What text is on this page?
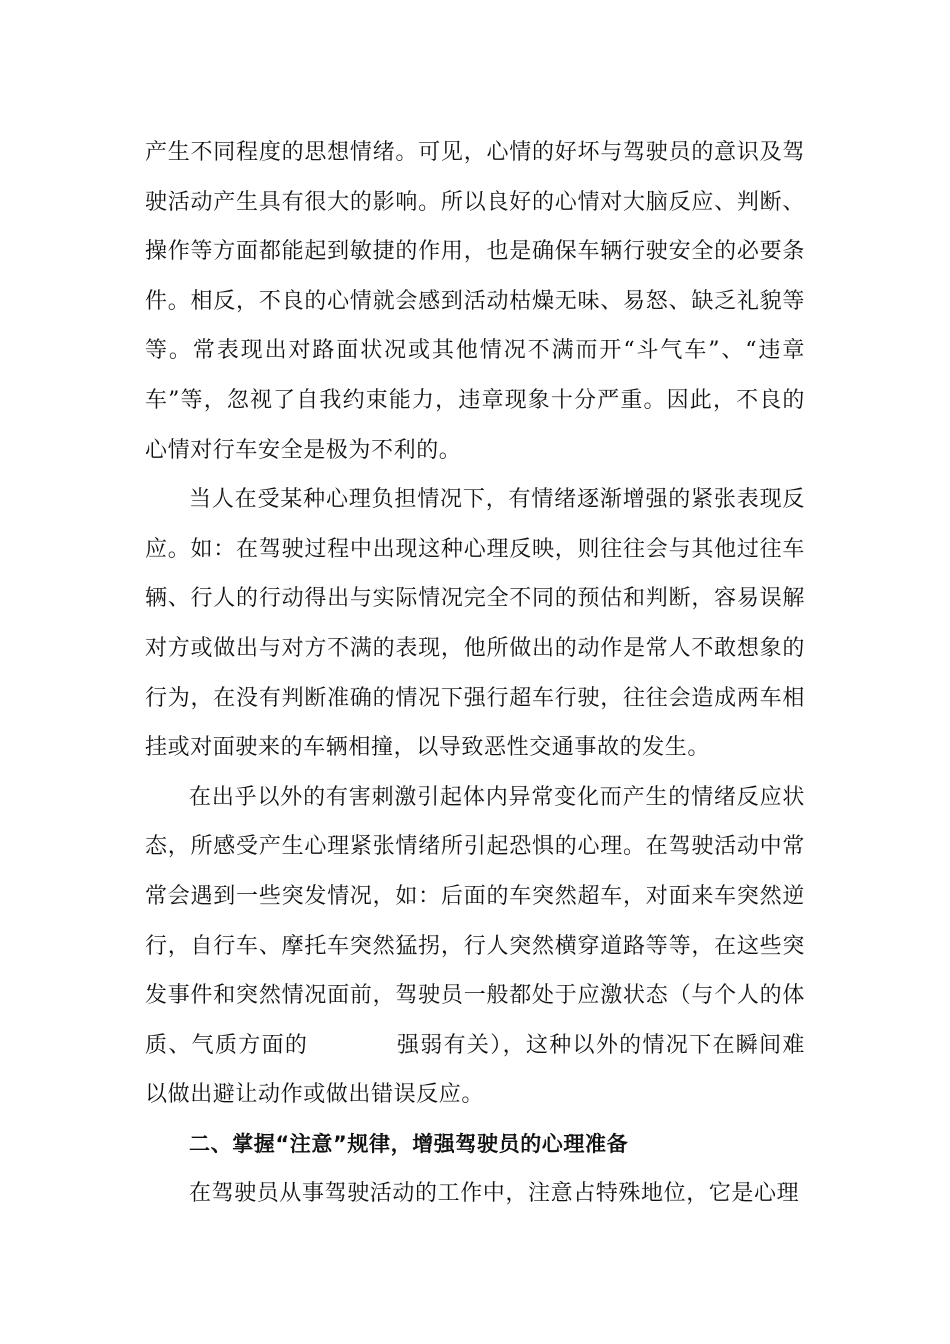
产生不同程度的思想情绪。可见，心情的好坏与驾驶员的意识及驾驶活动产生具有很大的影响。所以良好的心情对大脑反应、判断、操作等方面都能起到敏捷的作用，也是确保车辆行驶安全的必要条件。相反，不良的心情就会感到活动枯燥无味、易怒、缺乏礼貌等等。常表现出对路面状况或其他情况不满而开“斗气车”、“违章车”等，忽视了自我约束能力，违章现象十分严重。因此，不良的心情对行车安全是极为不利的。

当人在受某种心理负担情况下，有情绪逐渐增强的紧张表现反应。如：在驾驶过程中出现这种心理反映，则往往会与其他过往车辆、行人的行动得出与实际情况完全不同的预估和判断，容易误解对方或做出与对方不满的表现，他所做出的动作是常人不敢想象的行为，在没有判断准确的情况下强行超车行驶，往往会造成两车相挂或对面驶来的车辆相撞，以导致恶性交通事故的发生。

在出乎以外的有害刺激引起体内异常变化而产生的情绪反应状态，所感受产生心理紧张情绪所引起恐惧的心理。在驾驶活动中常常会遇到一些突发情况，如：后面的车突然超车，对面来车突然逆行，自行车、摩托车突然猛拐，行人突然横穿道路等等，在这些突发事件和突然情况面前，驾驶员一般都处于应激状态（与个人的体质、气质方面的	强弱有关），这种以外的情况下在瞬间难以做出避让动作或做出错误反应。

二、掌握“注意”规律，增强驾驶员的心理准备

在驾驶员从事驾驶活动的工作中，注意占特殊地位，它是心理
